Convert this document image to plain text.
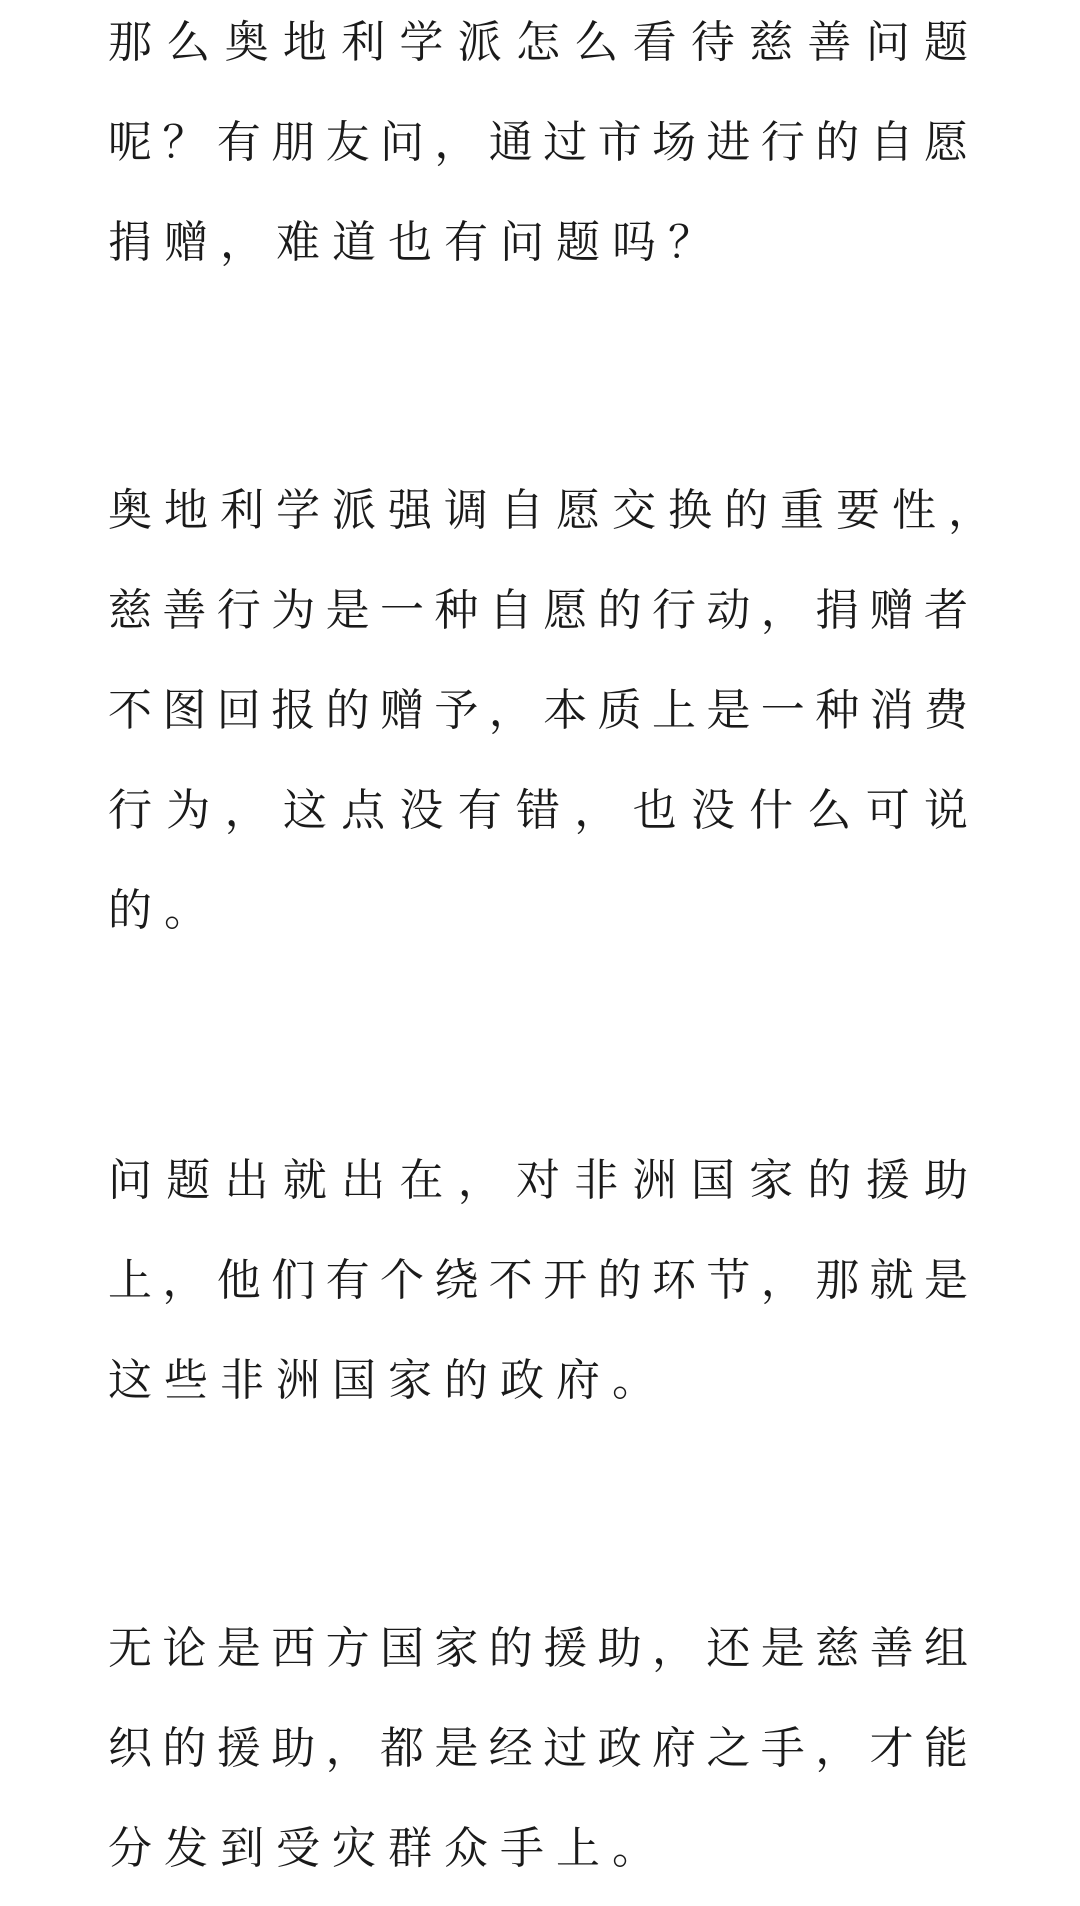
那么奥地利学派怎么看待慈善问题
呢？有朋友问，通过市场进行的自愿
捐赠，难道也有问题吗？
奥地利学派强调自愿交换的重要性，
慈善行为是一种自愿的行动，捐赠者
不图回报的赠予，本质上是一种消费
行为，这点没有错，也没什么可说
的。
问题出就出在，对非洲国家的援助
上，他们有个绕不开的环节，那就是
这些非洲国家的政府。
无论是西方国家的援助，还是慈善组
织的援助，都是经过政府之手，才能
分发到受灾群众手上。
